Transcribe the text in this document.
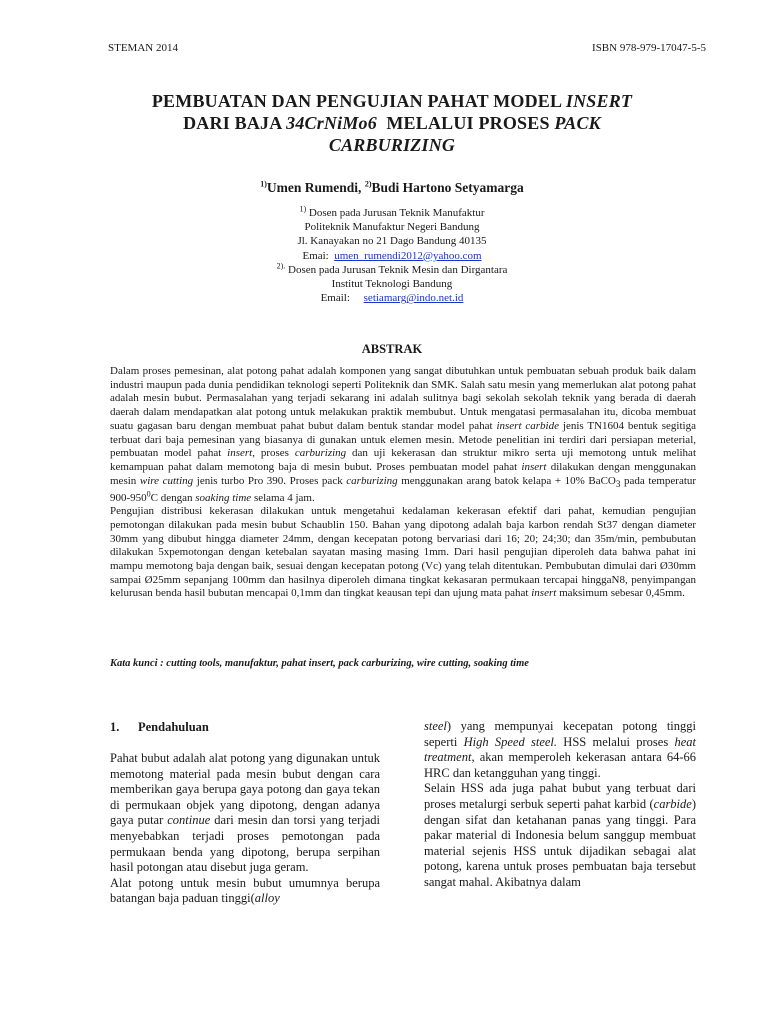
STEMAN 2014	ISBN 978-979-17047-5-5
PEMBUATAN DAN PENGUJIAN PAHAT MODEL INSERT
DARI BAJA 34CrNiMo6  MELALUI PROSES PACK
CARBURIZING
$^{1)}$Umen Rumendi, $^{2)}$Budi Hartono Setyamarga
$^{1)}$ Dosen pada Jurusan Teknik Manufaktur
Politeknik Manufaktur Negeri Bandung
Jl. Kanayakan no 21 Dago Bandung 40135
Emai:  umen_rumendi2012@yahoo.com
$^{2).}$ Dosen pada Jurusan Teknik Mesin dan Dirgantara
Institut Teknologi Bandung
Email:     setiamarg@indo.net.id
ABSTRAK

Dalam proses pemesinan, alat potong pahat adalah komponen yang sangat dibutuhkan untuk pembuatan sebuah produk baik dalam industri maupun pada dunia pendidikan teknologi seperti Politeknik dan SMK. Salah satu mesin yang memerlukan alat potong pahat adalah mesin bubut. Permasalahan yang terjadi sekarang ini adalah sulitnya bagi sekolah sekolah teknik yang berada di daerah daerah dalam mendapatkan alat potong untuk melakukan praktik membubut. Untuk mengatasi permasalahan itu, dicoba membuat suatu gagasan baru dengan membuat pahat bubut dalam bentuk standar model pahat insert carbide jenis TN1604 bentuk segitiga terbuat dari baja pemesinan yang biasanya di gunakan untuk elemen mesin. Metode penelitian ini terdiri dari persiapan meterial, pembuatan model pahat insert, proses carburizing dan uji kekerasan dan struktur mikro serta uji memotong untuk melihat kemampuan pahat dalam memotong baja di mesin bubut. Proses pembuatan model pahat insert dilakukan dengan menggunakan mesin wire cutting jenis turbo Pro 390. Proses pack carburizing menggunakan arang batok kelapa + 10% BaCO$_3$ pada temperatur $900-950^0C$ dengan soaking time selama 4 jam.

Pengujian distribusi kekerasan dilakukan untuk mengetahui kedalaman kekerasan efektif dari pahat, kemudian pengujian pemotongan dilakukan pada mesin bubut Schaublin 150. Bahan yang dipotong adalah baja karbon rendah St37 dengan diameter 30mm yang dibubut hingga diameter 24mm, dengan kecepatan potong bervariasi dari 16; 20; 24;30; dan 35m/min, pembubutan dilakukan 5xpemotongan dengan ketebalan sayatan masing masing 1mm. Dari hasil pengujian diperoleh data bahwa pahat ini mampu memotong baja dengan baik, sesuai dengan kecepatan potong (Vc) yang telah ditentukan. Pembubutan dimulai dari Ø30mm sampai Ø25mm sepanjang 100mm dan hasilnya diperoleh dimana tingkat kekasaran permukaan tercapai hinggaN8, penyimpangan kelurusan benda hasil bubutan mencapai 0,1mm dan tingkat keausan tepi dan ujung mata pahat insert maksimum sebesar 0,45mm.

Kata kunci : cutting tools, manufaktur, pahat insert, pack carburizing, wire cutting, soaking time
1. Pendahuluan

Pahat bubut adalah alat potong yang digunakan untuk memotong material pada mesin bubut dengan cara memberikan gaya berupa gaya potong dan gaya tekan di permukaan objek yang dipotong, dengan adanya gaya putar continue dari mesin dan torsi yang terjadi menyebabkan terjadi proses pemotongan pada permukaan benda yang dipotong, berupa serpihan hasil potongan atau disebut juga geram.

Alat potong untuk mesin bubut umumnya berupa batangan baja paduan tinggi(alloy

steel) yang mempunyai kecepatan potong tinggi seperti High Speed steel. HSS melalui proses heat treatment, akan memperoleh kekerasan antara 64-66 HRC dan ketangguhan yang tinggi.

Selain HSS ada juga pahat bubut yang terbuat dari proses metalurgi serbuk seperti pahat karbid (carbide) dengan sifat dan ketahanan panas yang tinggi. Para pakar material di Indonesia belum sanggup membuat material sejenis HSS untuk dijadikan sebagai alat potong, karena untuk proses pembuatan baja tersebut sangat mahal. Akibatnya dalam
